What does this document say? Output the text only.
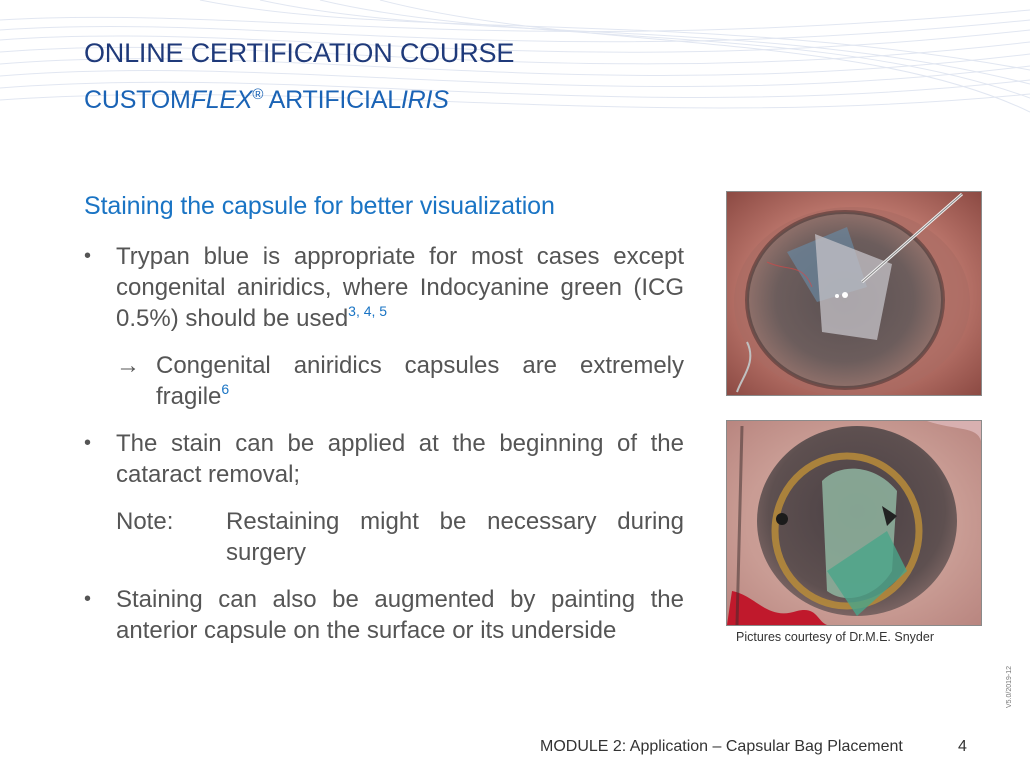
ONLINE CERTIFICATION COURSE
CUSTOMFLEX® ARTIFICIALIRIS
Staining the capsule for better visualization
• Trypan blue is appropriate for most cases except congenital aniridics, where Indocyanine green (ICG 0.5%) should be used$^{3, 4, 5}$
→ Congenital aniridics capsules are extremely fragile$^6$
• The stain can be applied at the beginning of the cataract removal;
Note: Restaining might be necessary during surgery
• Staining can also be augmented by painting the anterior capsule on the surface or its underside	Pictures courtesy of Dr.M.E. Snyder
MODULE 2: Application – Capsular Bag Placement	4
V5.0/2019-12
